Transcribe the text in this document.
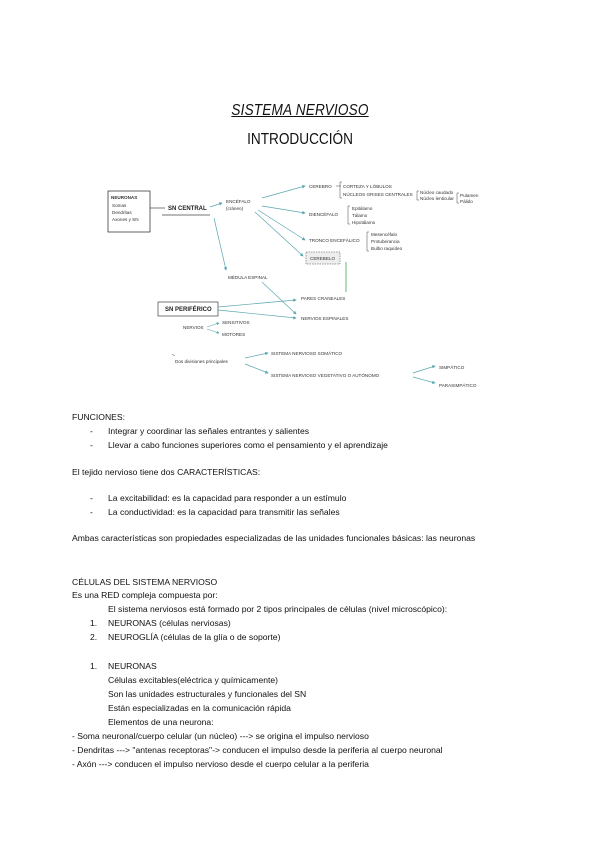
SISTEMA NERVIOSO
INTRODUCCIÓN
NEURONAS
Somas
Dendritas
Axones y SN
SN CENTRAL
ENCÉFALO
(cráneo)
CEREBRO CORTEZA Y LÓBULOS
NÚCLEOS GRISES CENTRALES Núcleo caudado
Núcleo lenticular
Putamen
Pálido
DIENCÉFALO
Epitálamo
Tálamo
Hipotálamo
TRONCO ENCEFÁLICO
Mesencéfalo
Protuberancia
Bulbo raquídeo
CEREBELO
MÉDULA ESPINAL
SN PERIFÉRICO
PARES CRANEALES
NERVIOS ESPINALES
NERVIOS
SENSITIVOS
MOTORES
Dos divisiones principales
SISTEMA NERVIOSO SOMÁTICO
SISTEMA NERVIOSO VEGETATIVO O AUTÓNOMO
SIMPÁTICO
PARASIMPÁTICO
FUNCIONES:
- Integrar y coordinar las señales entrantes y salientes
- Llevar a cabo funciones superiores como el pensamiento y el aprendizaje
El tejido nervioso tiene dos CARACTERÍSTICAS:
- La excitabilidad: es la capacidad para responder a un estímulo
- La conductividad: es la capacidad para transmitir las señales
Ambas características son propiedades especializadas de las unidades funcionales básicas: las neuronas
CÉLULAS DEL SISTEMA NERVIOSO
Es una RED compleja compuesta por:
El sistema nerviosos está formado por 2 tipos principales de células (nivel microscópico):
1. NEURONAS (células nerviosas)
2. NEUROGLÍA (células de la glía o de soporte)
1. NEURONAS
Células excitables(eléctrica y químicamente)
Son las unidades estructurales y funcionales del SN
Están especializadas en la comunicación rápida
Elementos de una neurona:
- Soma neuronal/cuerpo celular (un núcleo) ---> se origina el impulso nervioso
- Dendritas ---> "antenas receptoras"-> conducen el impulso desde la periferia al cuerpo neuronal
- Axón ---> conducen el impulso nervioso desde el cuerpo celular a la periferia
